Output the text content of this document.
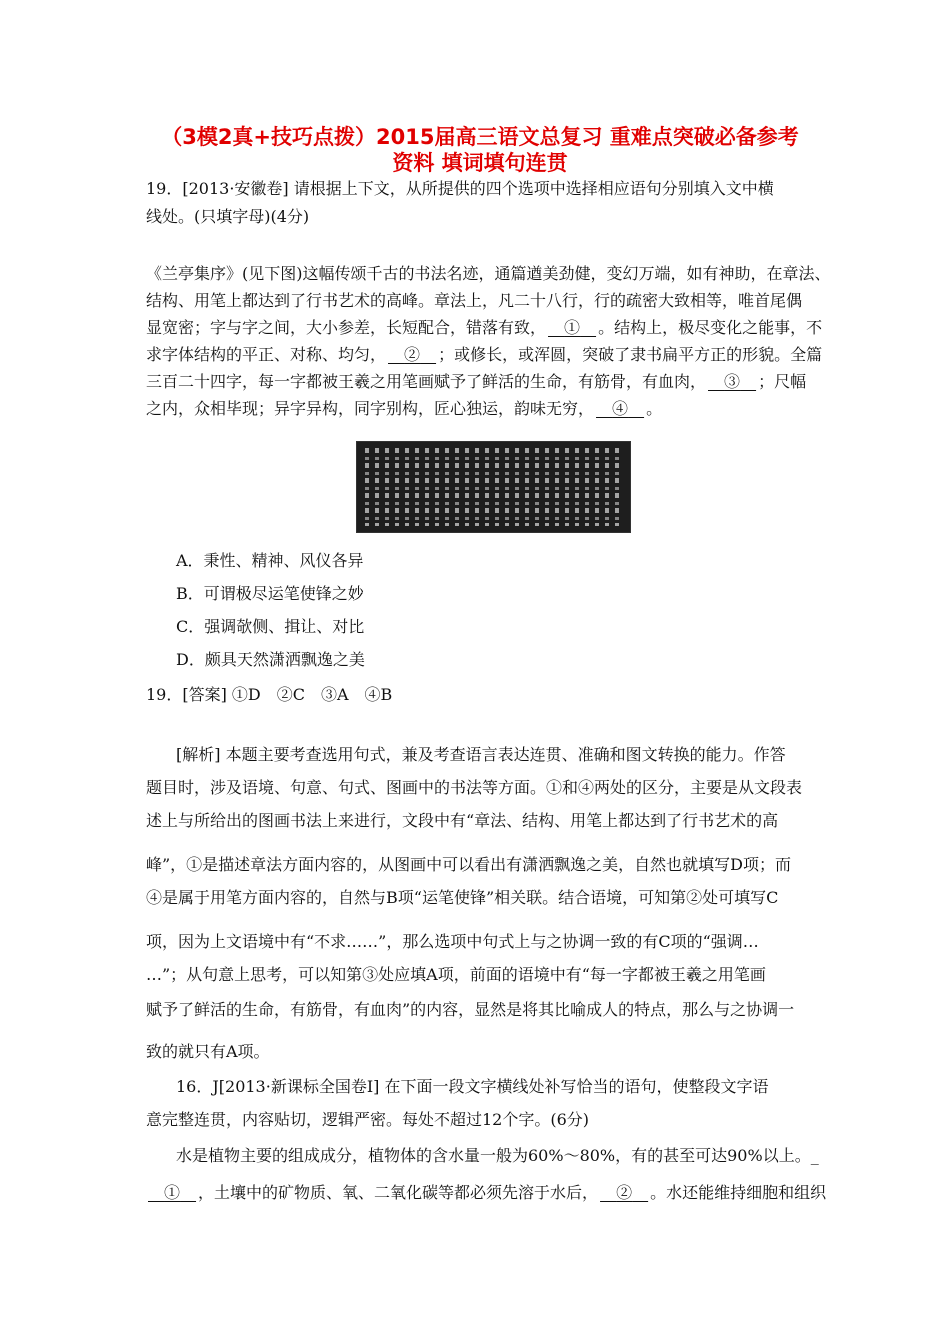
（3模2真+技巧点拨）2015届高三语文总复习 重难点突破必备参考
资料 填词填句连贯
19．[2013·安徽卷] 请根据上下文，从所提供的四个选项中选择相应语句分别填入文中横
线处。(只填字母)(4分)
《兰亭集序》(见下图)这幅传颂千古的书法名迹，通篇遒美劲健，变幻万端，如有神助，在章法、
结构、用笔上都达到了行书艺术的高峰。章法上，凡二十八行，行的疏密大致相等，唯首尾偶
显宽密；字与字之间，大小参差，长短配合，错落有致，　 ①　 。结构上，极尽变化之能事，不
求字体结构的平正、对称、均匀，　 ②　 ；或修长，或浑圆，突破了隶书扁平方正的形貌。全篇
三百二十四字，每一字都被王羲之用笔画赋予了鲜活的生命，有筋骨，有血肉，　 ③　 ；尺幅
之内，众相毕现；异字异构，同字别构，匠心独运，韵味无穷，　 ④　 。
A．秉性、精神、风仪各异
B．可谓极尽运笔使锋之妙
C．强调欹侧、揖让、对比
D．颇具天然潇洒飘逸之美
19．[答案] ①D　②C　③A　④B
[解析] 本题主要考查选用句式，兼及考查语言表达连贯、准确和图文转换的能力。作答
题目时，涉及语境、句意、句式、图画中的书法等方面。①和④两处的区分，主要是从文段表
述上与所给出的图画书法上来进行，文段中有“章法、结构、用笔上都达到了行书艺术的高
峰”，①是描述章法方面内容的，从图画中可以看出有潇洒飘逸之美，自然也就填写D项；而
④是属于用笔方面内容的，自然与B项“运笔使锋”相关联。结合语境，可知第②处可填写C
项，因为上文语境中有“不求……”，那么选项中句式上与之协调一致的有C项的“强调…
…”；从句意上思考，可以知第③处应填A项，前面的语境中有“每一字都被王羲之用笔画
赋予了鲜活的生命，有筋骨，有血肉”的内容，显然是将其比喻成人的特点，那么与之协调一
致的就只有A项。
16．J[2013·新课标全国卷Ⅰ] 在下面一段文字横线处补写恰当的语句，使整段文字语
意完整连贯，内容贴切，逻辑严密。每处不超过12个字。(6分)
水是植物主要的组成成分，植物体的含水量一般为60%～80%，有的甚至可达90%以上。_
　①　 ，土壤中的矿物质、氧、二氧化碳等都必须先溶于水后，　 ②　 。水还能维持细胞和组织
